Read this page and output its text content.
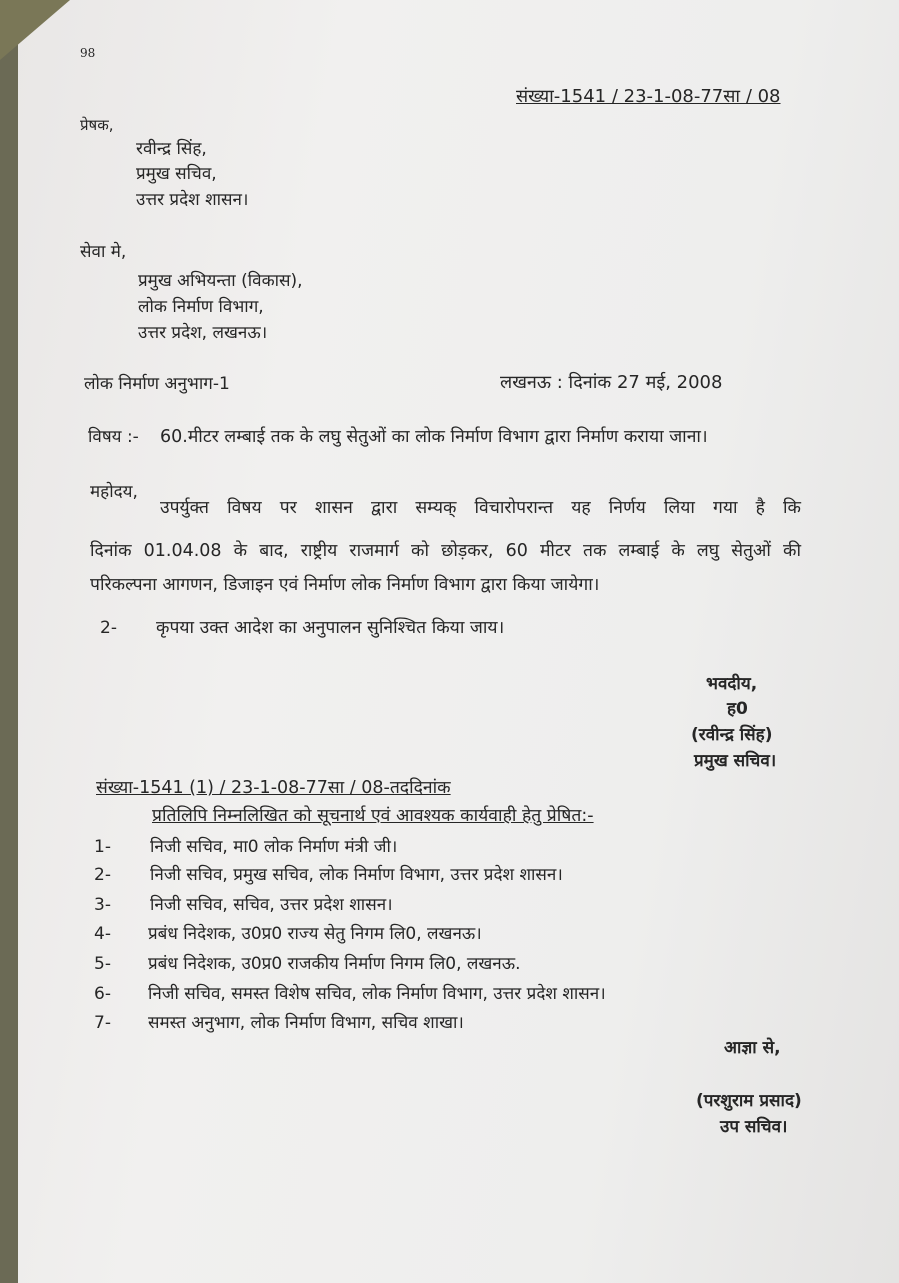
98
संख्या-1541 / 23-1-08-77सा / 08
प्रेषक,
रवीन्द्र सिंह,
प्रमुख सचिव,
उत्तर प्रदेश शासन।
सेवा मे,
प्रमुख अभियन्ता (विकास),
लोक निर्माण विभाग,
उत्तर प्रदेश, लखनऊ।
लोक निर्माण अनुभाग-1	लखनऊ : दिनांक 27 मई, 2008
विषय :- 60.मीटर लम्बाई तक के लघु सेतुओं का लोक निर्माण विभाग द्वारा निर्माण कराया जाना।
महोदय,
उपर्युक्त विषय पर शासन द्वारा सम्यक् विचारोपरान्त यह निर्णय लिया गया है कि
दिनांक 01.04.08 के बाद, राष्ट्रीय राजमार्ग को छोड़कर, 60 मीटर तक लम्बाई के लघु सेतुओं की
परिकल्पना आगणन, डिजाइन एवं निर्माण लोक निर्माण विभाग द्वारा किया जायेगा।
2- कृपया उक्त आदेश का अनुपालन सुनिश्चित किया जाय।
भवदीय,
ह0
(रवीन्द्र सिंह)
प्रमुख सचिव।
संख्या-1541 (1) / 23-1-08-77सा / 08-तददिनांक
प्रतिलिपि निम्नलिखित को सूचनार्थ एवं आवश्यक कार्यवाही हेतु प्रेषित:-
1- निजी सचिव, मा0 लोक निर्माण मंत्री जी।
2- निजी सचिव, प्रमुख सचिव, लोक निर्माण विभाग, उत्तर प्रदेश शासन।
3- निजी सचिव, सचिव, उत्तर प्रदेश शासन।
4- प्रबंध निदेशक, उ0प्र0 राज्य सेतु निगम लि0, लखनऊ।
5- प्रबंध निदेशक, उ0प्र0 राजकीय निर्माण निगम लि0, लखनऊ.
6- निजी सचिव, समस्त विशेष सचिव, लोक निर्माण विभाग, उत्तर प्रदेश शासन।
7- समस्त अनुभाग, लोक निर्माण विभाग, सचिव शाखा।
आज्ञा से,
(परशुराम प्रसाद)
उप सचिव।
